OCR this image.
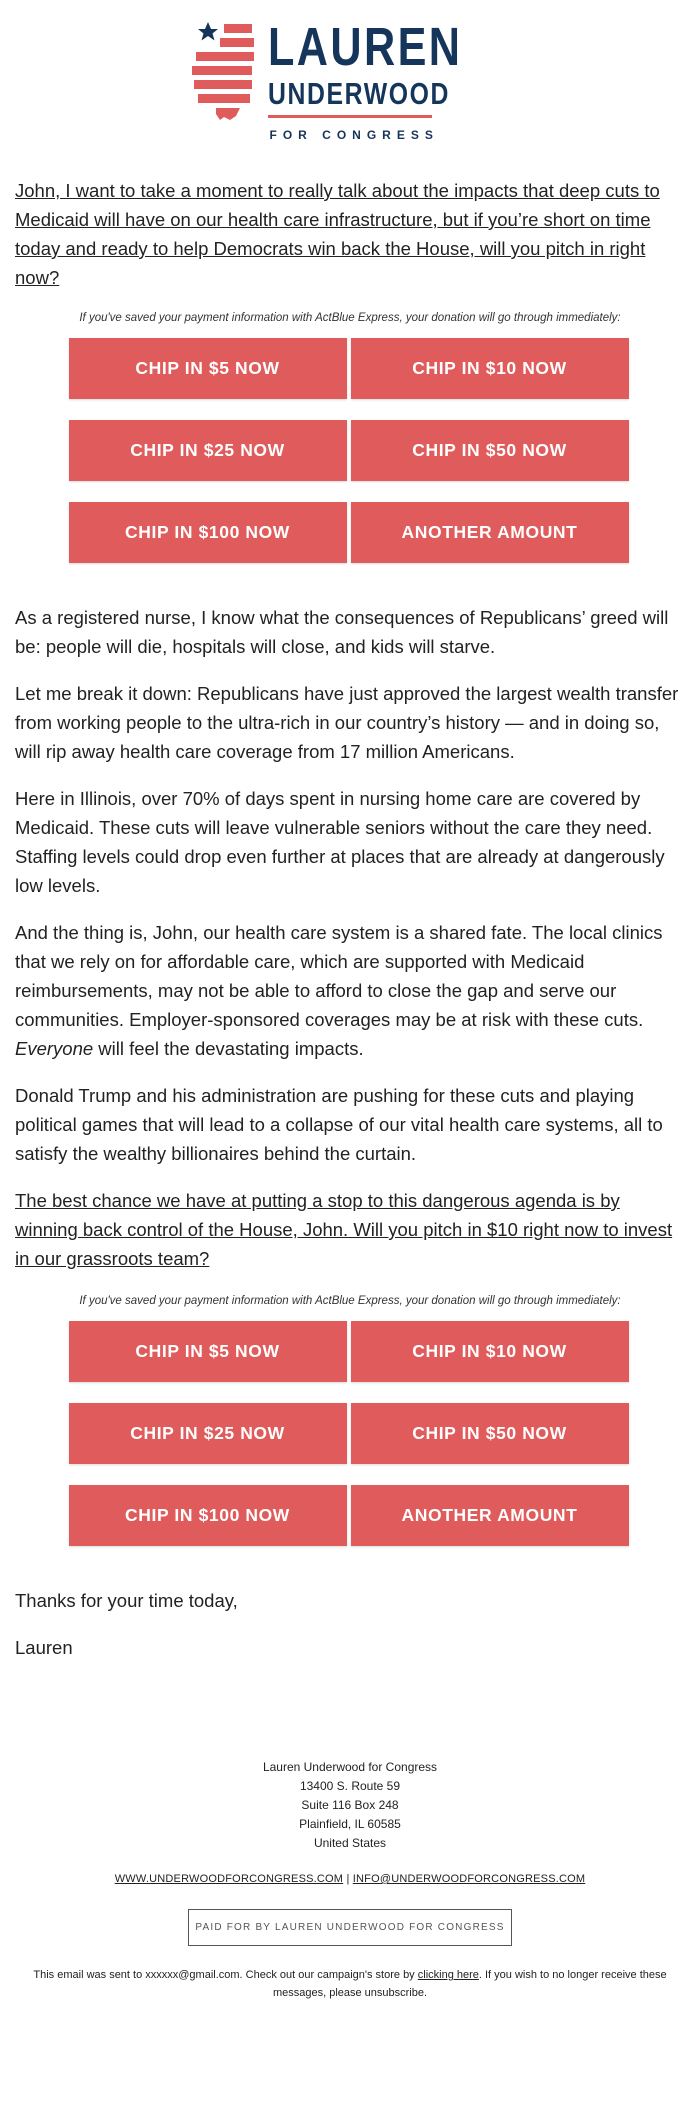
LAUREN
UNDERWOOD
FOR CONGRESS

John, I want to take a moment to really talk about the impacts that deep cuts to Medicaid will have on our health care infrastructure, but if you’re short on time today and ready to help Democrats win back the House, will you pitch in right now?

If you've saved your payment information with ActBlue Express, your donation will go through immediately:

CHIP IN $5 NOW	CHIP IN $10 NOW
CHIP IN $25 NOW	CHIP IN $50 NOW
CHIP IN $100 NOW	ANOTHER AMOUNT

As a registered nurse, I know what the consequences of Republicans’ greed will be: people will die, hospitals will close, and kids will starve.

Let me break it down: Republicans have just approved the largest wealth transfer from working people to the ultra-rich in our country’s history — and in doing so, will rip away health care coverage from 17 million Americans.

Here in Illinois, over 70% of days spent in nursing home care are covered by Medicaid. These cuts will leave vulnerable seniors without the care they need. Staffing levels could drop even further at places that are already at dangerously low levels.

And the thing is, John, our health care system is a shared fate. The local clinics that we rely on for affordable care, which are supported with Medicaid reimbursements, may not be able to afford to close the gap and serve our communities. Employer-sponsored coverages may be at risk with these cuts. Everyone will feel the devastating impacts.

Donald Trump and his administration are pushing for these cuts and playing political games that will lead to a collapse of our vital health care systems, all to satisfy the wealthy billionaires behind the curtain.

The best chance we have at putting a stop to this dangerous agenda is by winning back control of the House, John. Will you pitch in $10 right now to invest in our grassroots team?

If you've saved your payment information with ActBlue Express, your donation will go through immediately:

CHIP IN $5 NOW	CHIP IN $10 NOW
CHIP IN $25 NOW	CHIP IN $50 NOW
CHIP IN $100 NOW	ANOTHER AMOUNT

Thanks for your time today,

Lauren

Lauren Underwood for Congress
13400 S. Route 59
Suite 116 Box 248
Plainfield, IL 60585
United States
WWW.UNDERWOODFORCONGRESS.COM | INFO@UNDERWOODFORCONGRESS.COM
PAID FOR BY LAUREN UNDERWOOD FOR CONGRESS
This email was sent to xxxxxx@gmail.com. Check out our campaign's store by clicking here. If you wish to no longer receive these messages, please unsubscribe.
